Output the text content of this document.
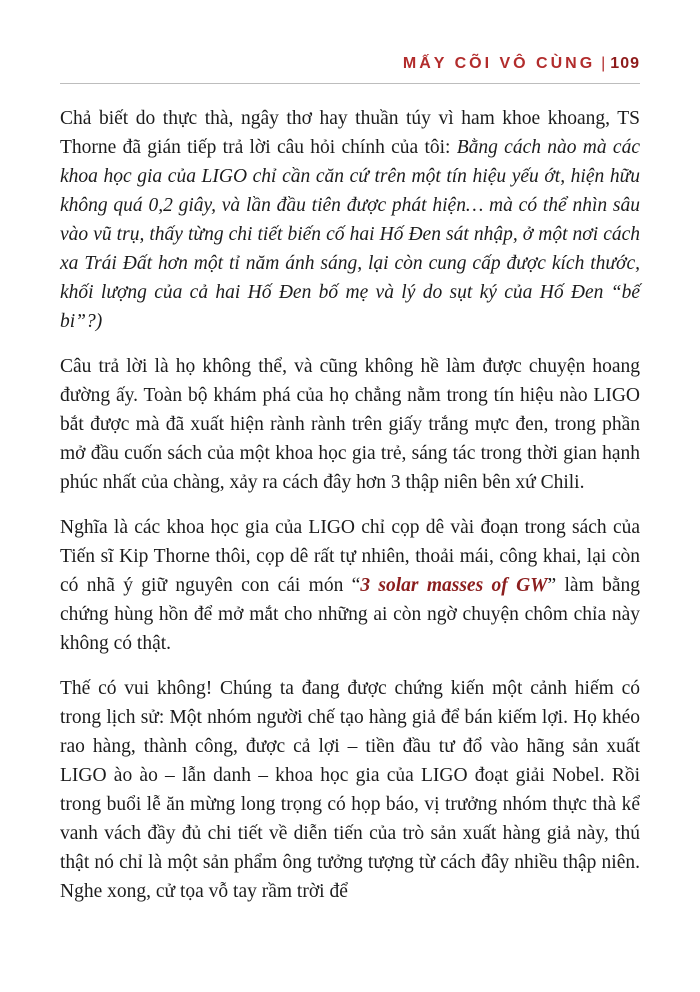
MẤY CÕI VÔ CÙNG | 109

Chả biết do thực thà, ngây thơ hay thuần túy vì ham khoe khoang, TS Thorne đã gián tiếp trả lời câu hỏi chính của tôi: Bằng cách nào mà các khoa học gia của LIGO chỉ cần căn cứ trên một tín hiệu yếu ớt, hiện hữu không quá 0,2 giây, và lần đầu tiên được phát hiện… mà có thể nhìn sâu vào vũ trụ, thấy từng chi tiết biến cố hai Hố Đen sát nhập, ở một nơi cách xa Trái Đất hơn một tỉ năm ánh sáng, lại còn cung cấp được kích thước, khối lượng của cả hai Hố Đen bố mẹ và lý do sụt ký của Hố Đen “bế bi”?)

Câu trả lời là họ không thể, và cũng không hề làm được chuyện hoang đường ấy. Toàn bộ khám phá của họ chẳng nằm trong tín hiệu nào LIGO bắt được mà đã xuất hiện rành rành trên giấy trắng mực đen, trong phần mở đầu cuốn sách của một khoa học gia trẻ, sáng tác trong thời gian hạnh phúc nhất của chàng, xảy ra cách đây hơn 3 thập niên bên xứ Chili.

Nghĩa là các khoa học gia của LIGO chỉ cọp dê vài đoạn trong sách của Tiến sĩ Kip Thorne thôi, cọp dê rất tự nhiên, thoải mái, công khai, lại còn có nhã ý giữ nguyên con cái món “3 solar masses of GW” làm bằng chứng hùng hồn để mở mắt cho những ai còn ngờ chuyện chôm chỉa này không có thật.

Thế có vui không! Chúng ta đang được chứng kiến một cảnh hiếm có trong lịch sử: Một nhóm người chế tạo hàng giả để bán kiếm lợi. Họ khéo rao hàng, thành công, được cả lợi – tiền đầu tư đổ vào hãng sản xuất LIGO ào ào – lẫn danh – khoa học gia của LIGO đoạt giải Nobel. Rồi trong buổi lễ ăn mừng long trọng có họp báo, vị trưởng nhóm thực thà kể vanh vách đầy đủ chi tiết về diễn tiến của trò sản xuất hàng giả này, thú thật nó chỉ là một sản phẩm ông tưởng tượng từ cách đây nhiều thập niên. Nghe xong, cử tọa vỗ tay rầm trời để
